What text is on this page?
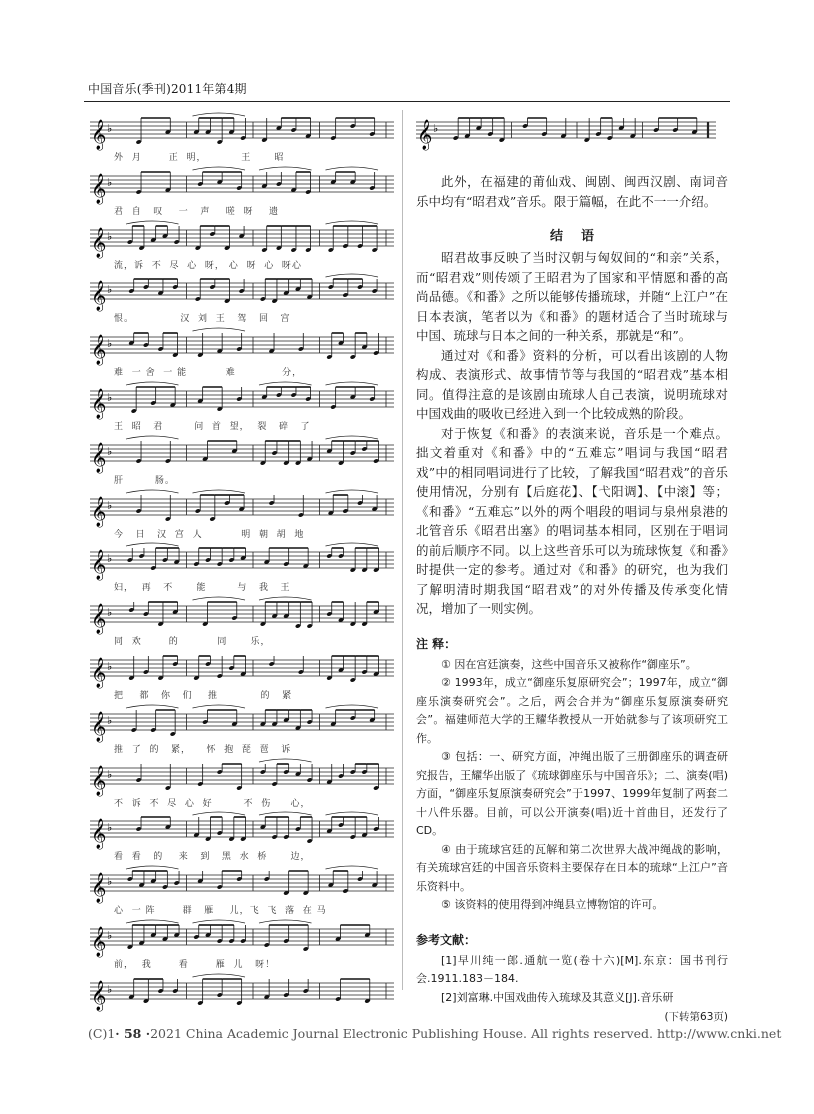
中国音乐(季刊)2011年第4期
𝄞 ♭
外  月       正  明，         王      昭
𝄞 ♭
君  自   叹    一   声    嗟  呀    遗
𝄞 ♭
流，诉  不  尽  心  呀， 心  呀  心  呀心
𝄞 ♭
恨。            汉  刘  王   驾   回   宫
𝄞 ♭
难  一 舍  一 能          难            分，
𝄞 ♭
王  昭   君        问  首  望，  裂   碎   了
𝄞 ♭
肝        肠。
𝄞 ♭
今   日   汉  宫  人          明  朝  胡  地
𝄞 ♭
妇，  再   不      能        与   我   王
𝄞 ♭
同  欢       的          同      乐，
𝄞 ♭
把    都   你   们    推           的   紧
𝄞 ♭
推  了  的   紧，    怀  抱  琵  琶   诉
𝄞 ♭
不  诉  不  尽  心  好        不  伤     心，
𝄞 ♭
看  看   的    来   到   黑  水  桥      边，
𝄞 ♭
心  一 阵       群   雁    儿，飞  飞  落  在 马
𝄞 ♭
前，  我       看       雁  儿   呀！
𝄞 ♭
𝄞 ♭

此外，在福建的莆仙戏、闽剧、闽西汉剧、南词音乐中均有“昭君戏”音乐。限于篇幅，在此不一一介绍。

结语

昭君故事反映了当时汉朝与匈奴间的“和亲”关系，而“昭君戏”则传颂了王昭君为了国家和平情愿和番的高尚品德。《和番》之所以能够传播琉球，并随“上江户”在日本表演，笔者以为《和番》的题材适合了当时琉球与中国、琉球与日本之间的一种关系，那就是“和”。

通过对《和番》资料的分析，可以看出该剧的人物构成、表演形式、故事情节等与我国的“昭君戏”基本相同。值得注意的是该剧由琉球人自己表演，说明琉球对中国戏曲的吸收已经进入到一个比较成熟的阶段。

对于恢复《和番》的表演来说，音乐是一个难点。拙文着重对《和番》中的“五难忘”唱词与我国“昭君戏”中的相同唱词进行了比较，了解我国“昭君戏”的音乐使用情况，分别有【后庭花】、【弋阳调】、【中滚】等；《和番》“五难忘”以外的两个唱段的唱词与泉州泉港的北管音乐《昭君出塞》的唱词基本相同，区别在于唱词的前后顺序不同。以上这些音乐可以为琉球恢复《和番》时提供一定的参考。通过对《和番》的研究，也为我们了解明清时期我国“昭君戏”的对外传播及传承变化情况，增加了一则实例。

注 释：

① 因在宫廷演奏，这些中国音乐又被称作“御座乐”。

② 1993年，成立“御座乐复原研究会”；1997年，成立“御座乐演奏研究会”。之后，两会合并为“御座乐复原演奏研究会”。福建师范大学的王耀华教授从一开始就参与了该项研究工作。

③ 包括：一、研究方面，冲绳出版了三册御座乐的调查研究报告，王耀华出版了《琉球御座乐与中国音乐》；二、演奏(唱)方面，“御座乐复原演奏研究会”于1997、1999年复制了两套二十八件乐器。目前，可以公开演奏(唱)近十首曲目，还发行了CD。

④ 由于琉球宫廷的瓦解和第二次世界大战冲绳战的影响，有关琉球宫廷的中国音乐资料主要保存在日本的琉球“上江户”音乐资料中。

⑤ 该资料的使用得到冲绳县立博物馆的许可。

参考文献：

[1]早川纯一郎.通航一览(卷十六)[M].东京：国书刊行会.1911.183－184.

[2]刘富琳.中国戏曲传入琉球及其意义[J].音乐研

(下转第63页)
(C)1· 58 ·2021 China Academic Journal Electronic Publishing House. All rights reserved. http://www.cnki.net
